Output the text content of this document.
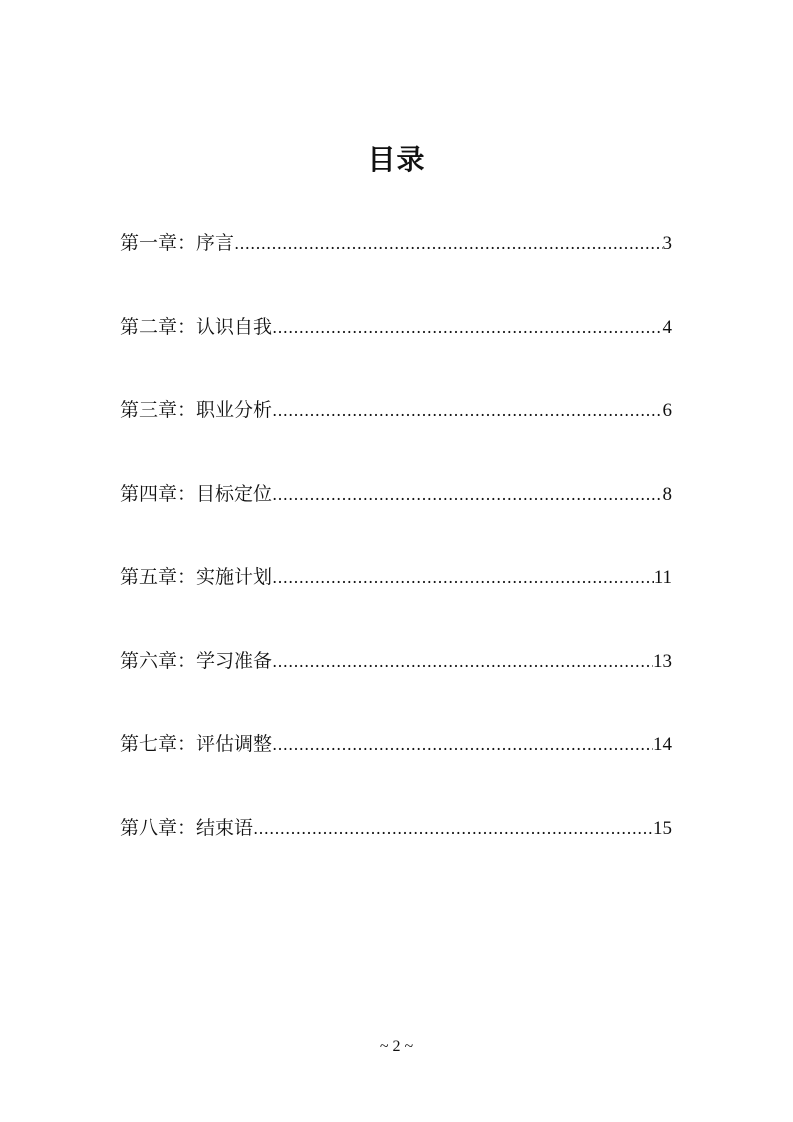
目录
第一章：序言 ……………………………………………………………………………………………………………………………………	3
第二章：认识自我 ……………………………………………………………………………………………………………………………………	4
第三章：职业分析 ……………………………………………………………………………………………………………………………………	6
第四章：目标定位 ……………………………………………………………………………………………………………………………………	8
第五章：实施计划 ……………………………………………………………………………………………………………………………………	11
第六章：学习准备 ……………………………………………………………………………………………………………………………………	13
第七章：评估调整 ……………………………………………………………………………………………………………………………………	14
第八章：结束语 ……………………………………………………………………………………………………………………………………	15
~ 2 ~
